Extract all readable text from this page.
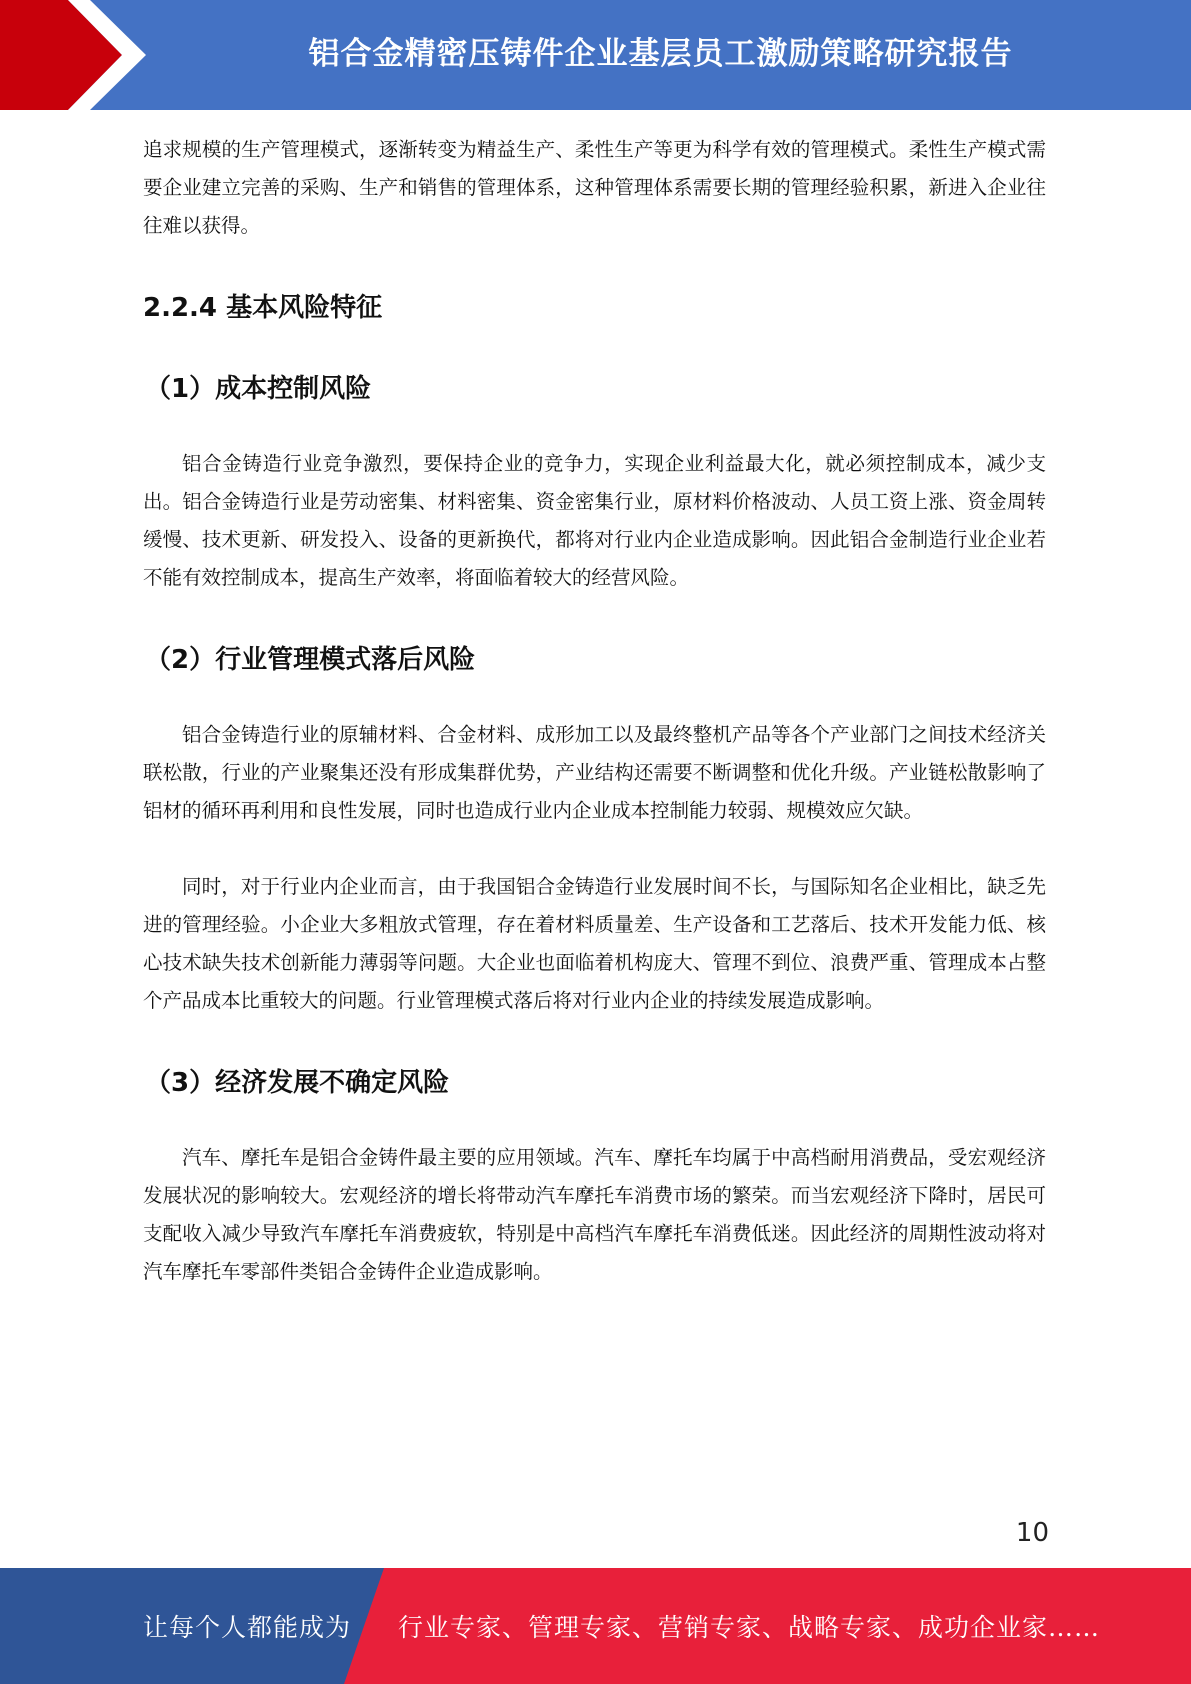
铝合金精密压铸件企业基层员工激励策略研究报告

追求规模的生产管理模式，逐渐转变为精益生产、柔性生产等更为科学有效的管理模式。柔性生产模式需要企业建立完善的采购、生产和销售的管理体系，这种管理体系需要长期的管理经验积累，新进入企业往往难以获得。

2.2.4 基本风险特征
（1）成本控制风险

铝合金铸造行业竞争激烈，要保持企业的竞争力，实现企业利益最大化，就必须控制成本，减少支出。铝合金铸造行业是劳动密集、材料密集、资金密集行业，原材料价格波动、人员工资上涨、资金周转缓慢、技术更新、研发投入、设备的更新换代，都将对行业内企业造成影响。因此铝合金制造行业企业若不能有效控制成本，提高生产效率，将面临着较大的经营风险。

（2）行业管理模式落后风险

铝合金铸造行业的原辅材料、合金材料、成形加工以及最终整机产品等各个产业部门之间技术经济关联松散，行业的产业聚集还没有形成集群优势，产业结构还需要不断调整和优化升级。产业链松散影响了铝材的循环再利用和良性发展，同时也造成行业内企业成本控制能力较弱、规模效应欠缺。

同时，对于行业内企业而言，由于我国铝合金铸造行业发展时间不长，与国际知名企业相比，缺乏先进的管理经验。小企业大多粗放式管理，存在着材料质量差、生产设备和工艺落后、技术开发能力低、核心技术缺失技术创新能力薄弱等问题。大企业也面临着机构庞大、管理不到位、浪费严重、管理成本占整个产品成本比重较大的问题。行业管理模式落后将对行业内企业的持续发展造成影响。

（3）经济发展不确定风险

汽车、摩托车是铝合金铸件最主要的应用领域。汽车、摩托车均属于中高档耐用消费品，受宏观经济发展状况的影响较大。宏观经济的增长将带动汽车摩托车消费市场的繁荣。而当宏观经济下降时，居民可支配收入减少导致汽车摩托车消费疲软，特别是中高档汽车摩托车消费低迷。因此经济的周期性波动将对汽车摩托车零部件类铝合金铸件企业造成影响。

10
让每个人都能成为 行业专家、管理专家、营销专家、战略专家、成功企业家……
